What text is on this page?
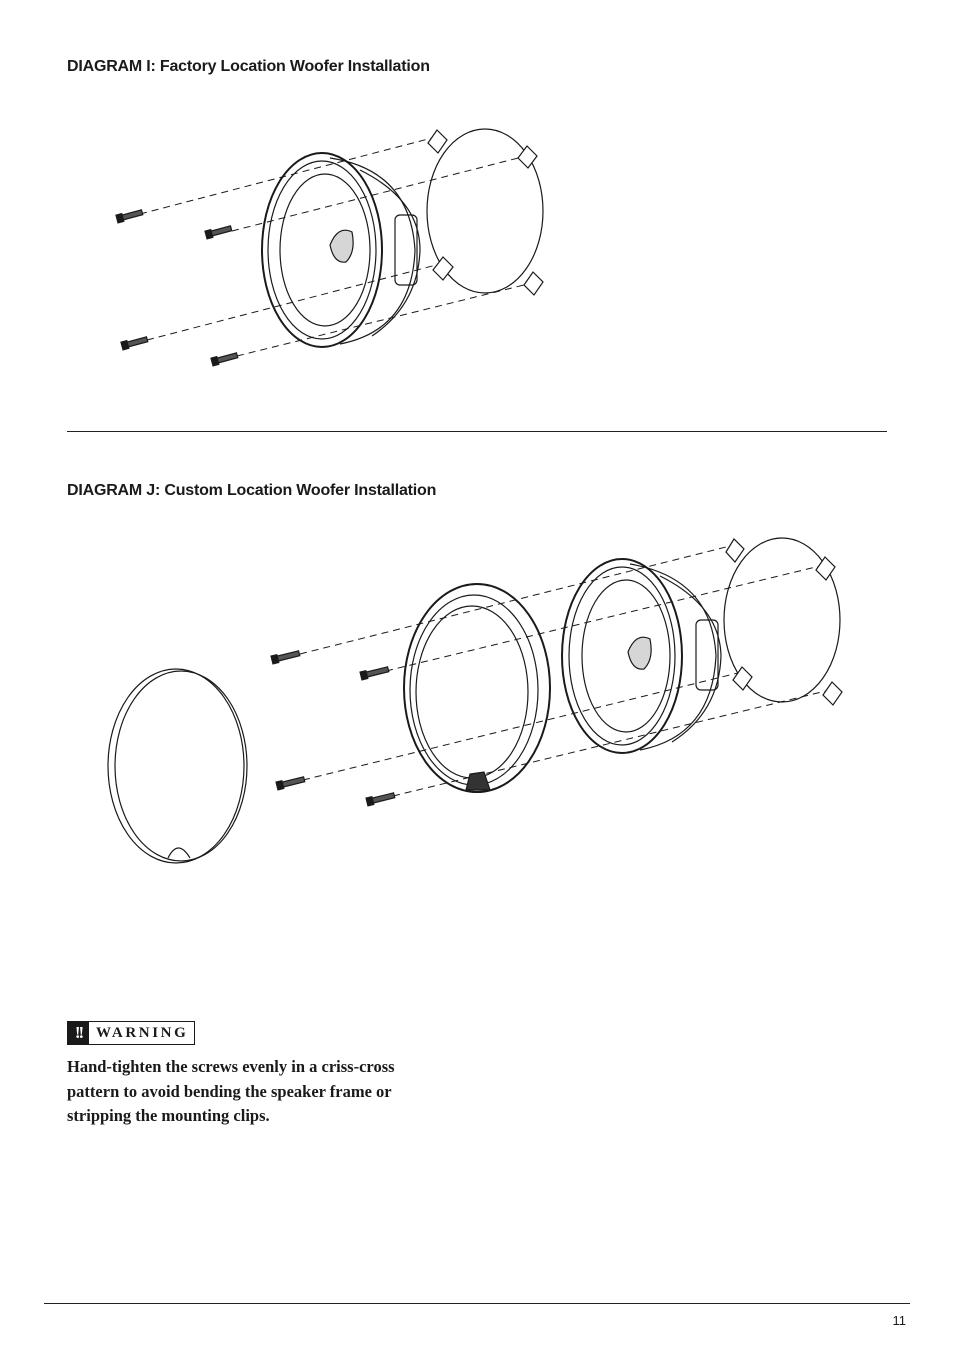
DIAGRAM I: Factory Location Woofer Installation
DIAGRAM J: Custom Location Woofer Installation
!! WARNING
Hand-tighten the screws evenly in a criss-cross pattern to avoid bending the speaker frame or stripping the mounting clips.
11
